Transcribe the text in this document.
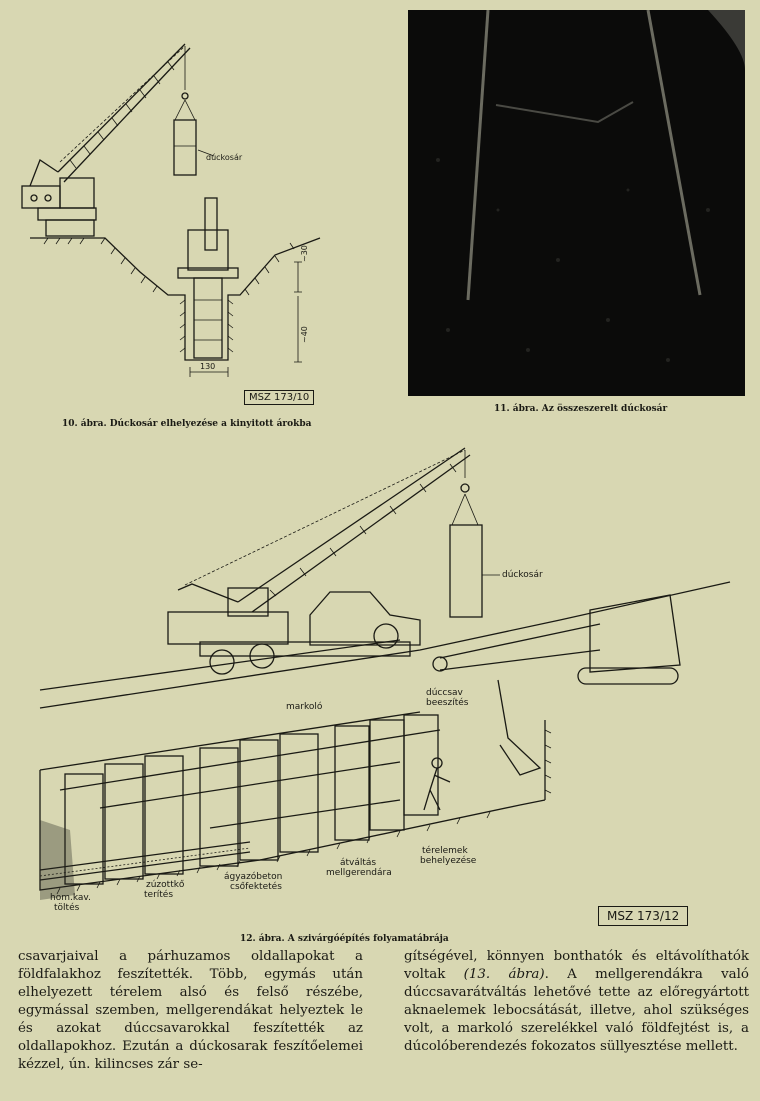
dúckosár
~30
~40
130
MSZ 173/10
10. ábra. Dúckosár elhelyezése a kinyitott árokba
11. ábra. Az összeszerelt dúckosár
dúckosár
markoló
dúccsav
beeszítés
átváltás
mellgerendára
térelemek
behelyezése
ágyazóbeton
csőfektetés
zúzottkő
terítés
hom.kav.
töltés
MSZ 173/12
12. ábra. A szivárgóépítés folyamatábrája

csavarjaival a párhuzamos oldallapokat a földfalakhoz feszítették. Több, egymás után elhelyezett térelem alsó és felső részébe, egymással szemben, mellgerendákat helyeztek le és azokat dúccsavarokkal feszítették az oldallapokhoz. Ezután a dúckosarak feszítőelemei kézzel, ún. kilincses zár se-

gítségével, könnyen bonthatók és eltávolíthatók voltak (13. ábra). A mellgerendákra való dúccsavarátváltás lehetővé tette az előregyártott aknaelemek lebocsátását, illetve, ahol szükséges volt, a markoló szerelékkel való földfejtést is, a dúcolóberendezés fokozatos süllyesztése mellett.
